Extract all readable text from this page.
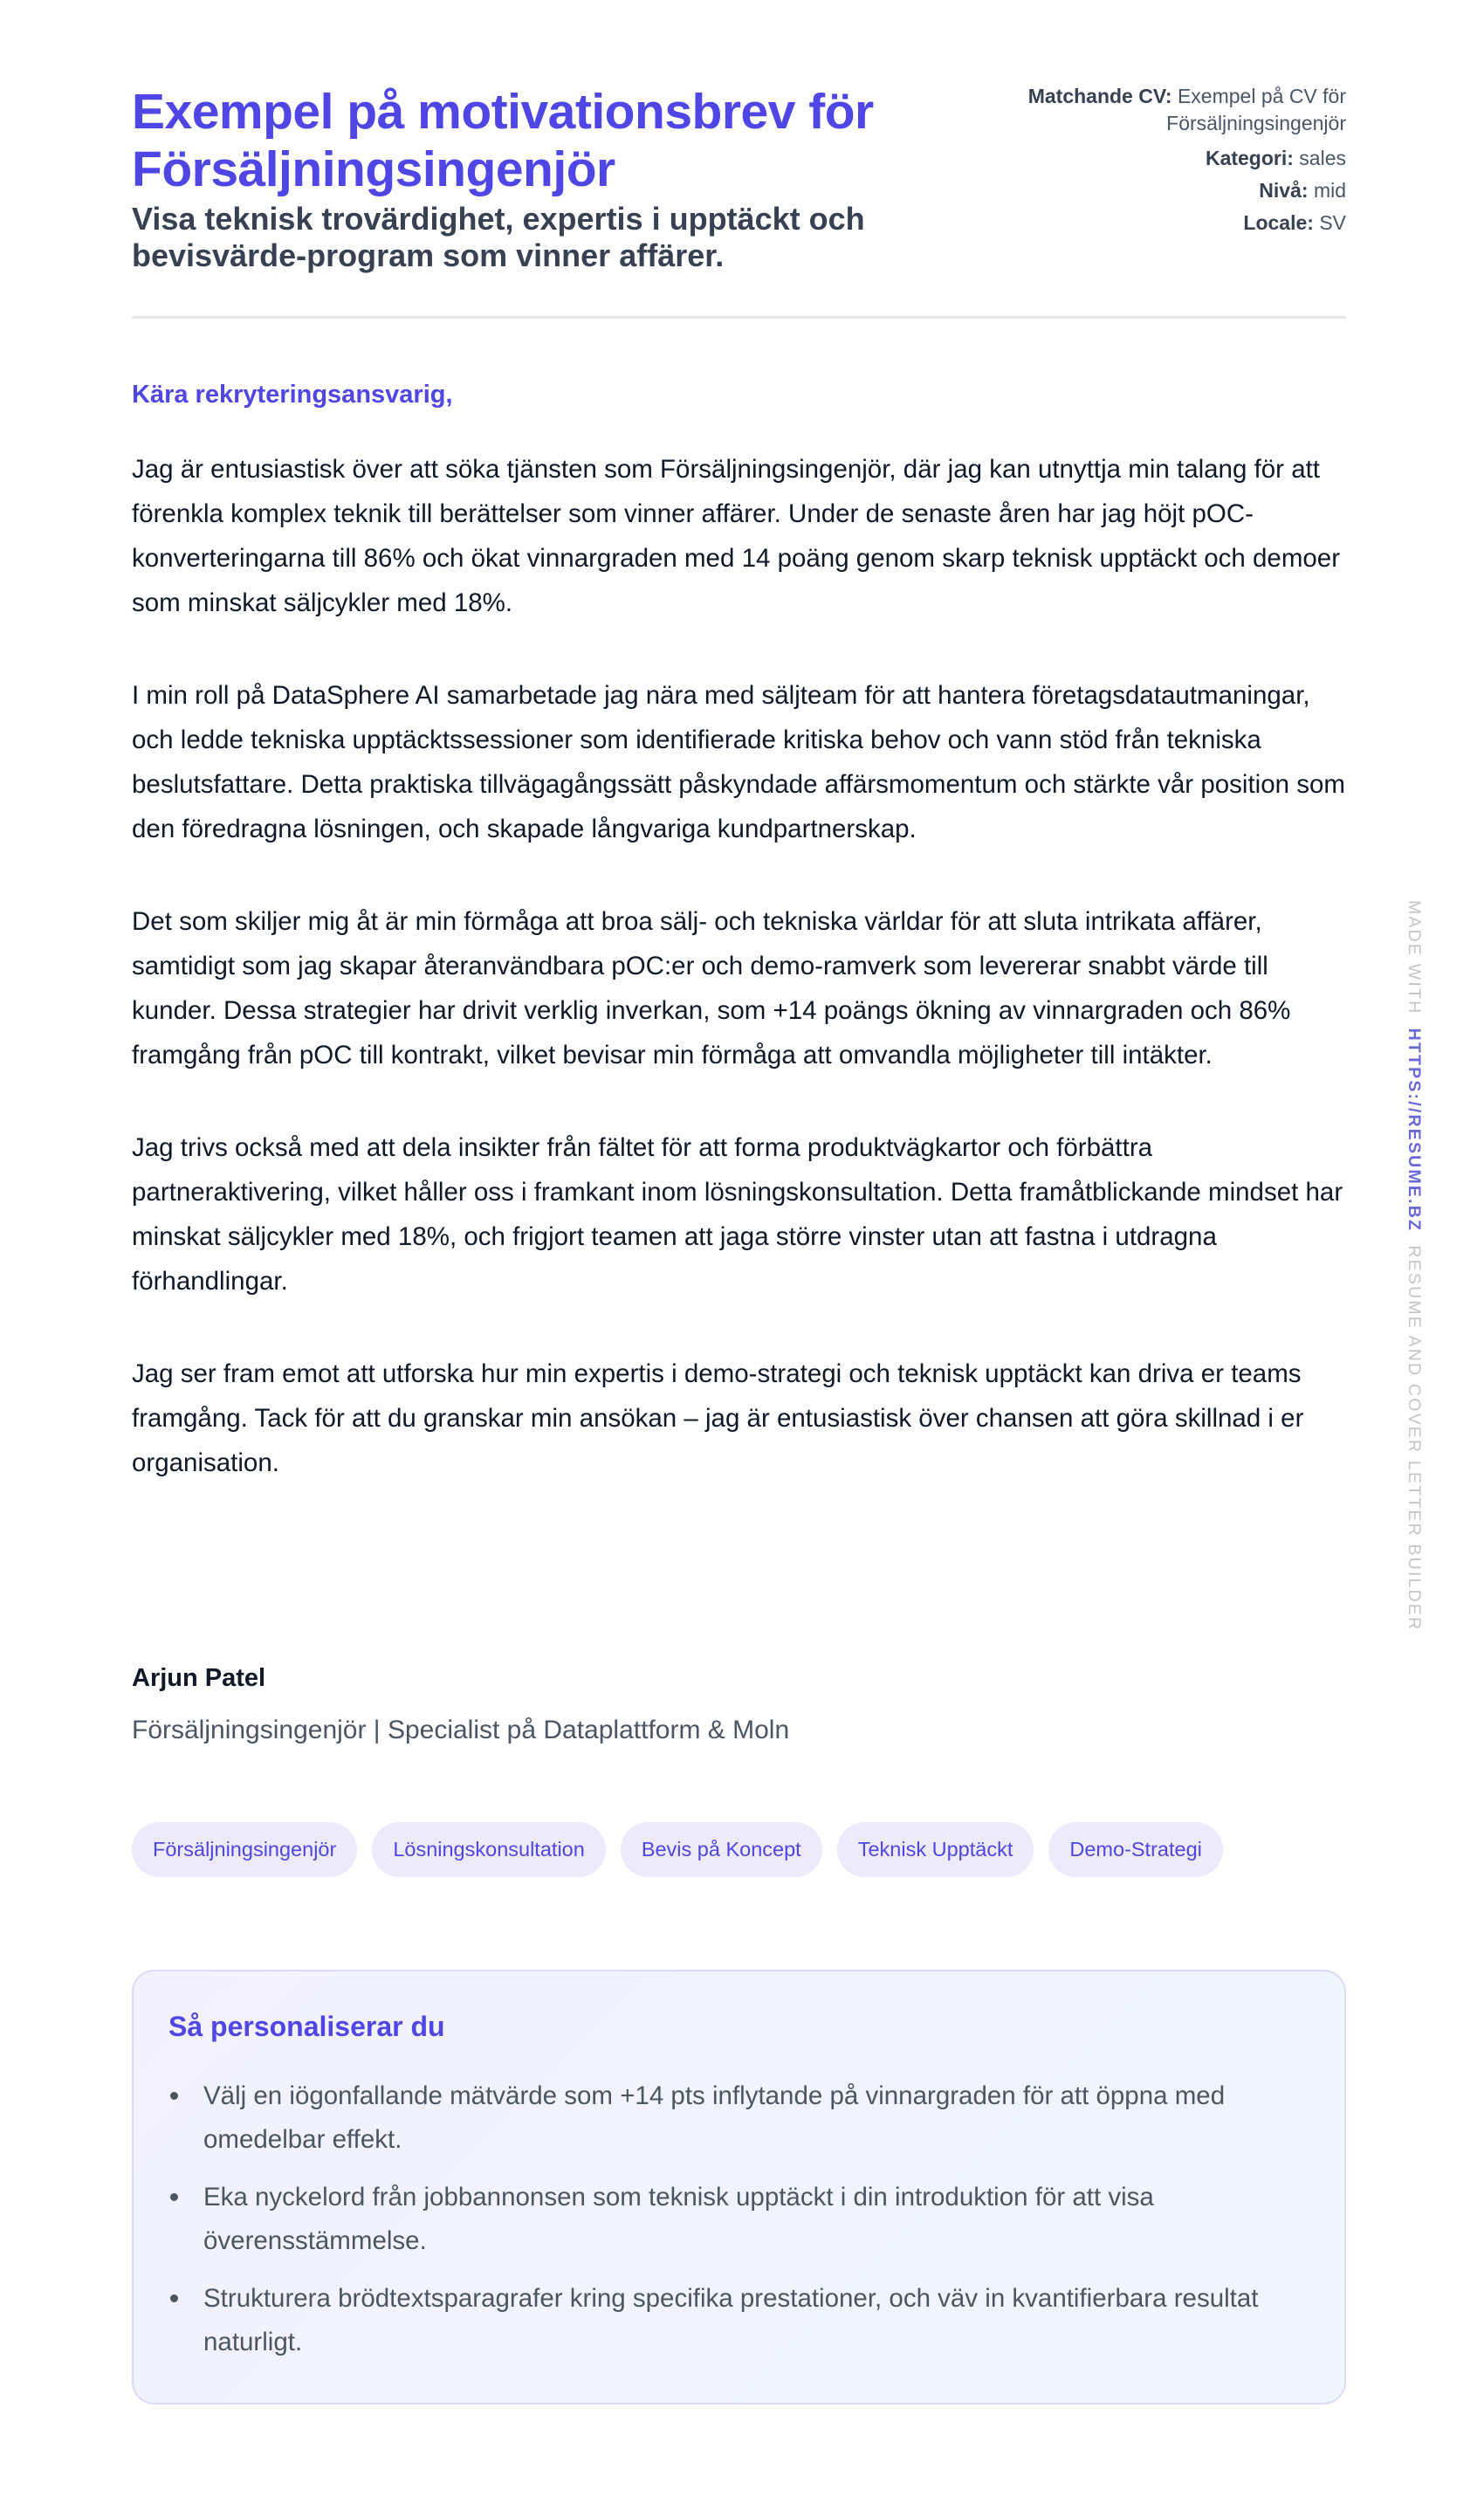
Exempel på motivationsbrev för Försäljningsingenjör
Visa teknisk trovärdighet, expertis i upptäckt och bevisvärde-program som vinner affärer.
Matchande CV: Exempel på CV för Försäljningsingenjör
Kategori: sales
Nivå: mid
Locale: SV
Kära rekryteringsansvarig,

Jag är entusiastisk över att söka tjänsten som Försäljningsingenjör, där jag kan utnyttja min talang för att förenkla komplex teknik till berättelser som vinner affärer. Under de senaste åren har jag höjt pOC-konverteringarna till 86% och ökat vinnargraden med 14 poäng genom skarp teknisk upptäckt och demoer som minskat säljcykler med 18%.

I min roll på DataSphere AI samarbetade jag nära med säljteam för att hantera företagsdatautmaningar, och ledde tekniska upptäcktssessioner som identifierade kritiska behov och vann stöd från tekniska beslutsfattare. Detta praktiska tillvägagångssätt påskyndade affärsmomentum och stärkte vår position som den föredragna lösningen, och skapade långvariga kundpartnerskap.

Det som skiljer mig åt är min förmåga att broa sälj- och tekniska världar för att sluta intrikata affärer, samtidigt som jag skapar återanvändbara pOC:er och demo-ramverk som levererar snabbt värde till kunder. Dessa strategier har drivit verklig inverkan, som +14 poängs ökning av vinnargraden och 86% framgång från pOC till kontrakt, vilket bevisar min förmåga att omvandla möjligheter till intäkter.

Jag trivs också med att dela insikter från fältet för att forma produktvägkartor och förbättra partneraktivering, vilket håller oss i framkant inom lösningskonsultation. Detta framåtblickande mindset har minskat säljcykler med 18%, och frigjort teamen att jaga större vinster utan att fastna i utdragna förhandlingar.

Jag ser fram emot att utforska hur min expertis i demo-strategi och teknisk upptäckt kan driva er teams framgång. Tack för att du granskar min ansökan – jag är entusiastisk över chansen att göra skillnad i er organisation.

Arjun Patel
Försäljningsingenjör | Specialist på Dataplattform & Moln
Försäljningsingenjör	Lösningskonsultation	Bevis på Koncept	Teknisk Upptäckt	Demo-Strategi
Så personaliserar du
Välj en iögonfallande mätvärde som +14 pts inflytande på vinnargraden för att öppna med omedelbar effekt.
Eka nyckelord från jobbannonsen som teknisk upptäckt i din introduktion för att visa överensstämmelse.
Strukturera brödtextsparagrafer kring specifika prestationer, och väv in kvantifierbara resultat naturligt.
MADE WITH  HTTPS://RESUME.BZ  RESUME AND COVER LETTER BUILDER
